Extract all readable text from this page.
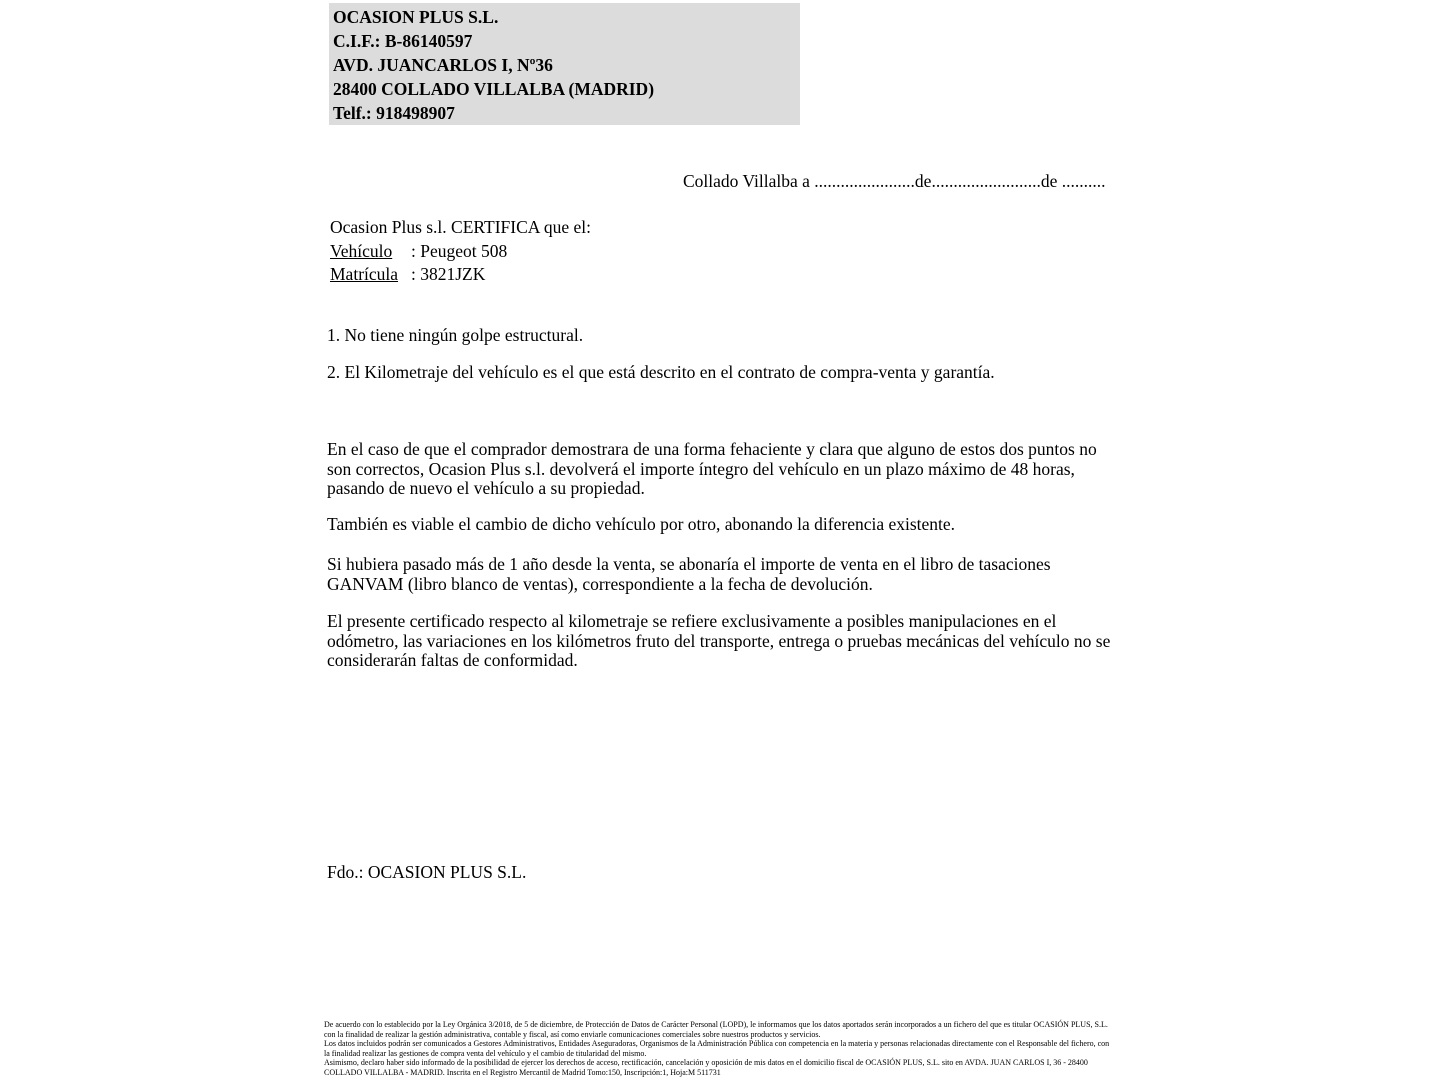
OCASION PLUS S.L.
C.I.F.: B-86140597
AVD. JUANCARLOS I, Nº36
28400 COLLADO VILLALBA (MADRID)
Telf.: 918498907
Collado Villalba a .......................de.........................de ..........
Ocasion Plus s.l. CERTIFICA que el:
Vehículo : Peugeot 508
Matrícula : 3821JZK
1. No tiene ningún golpe estructural.
2. El Kilometraje del vehículo es el que está descrito en el contrato de compra-venta y garantía.
En el caso de que el comprador demostrara de una forma fehaciente y clara que alguno de estos dos puntos no son correctos, Ocasion Plus s.l. devolverá el importe íntegro del vehículo en un plazo máximo de 48 horas, pasando de nuevo el vehículo a su propiedad.
También es viable el cambio de dicho vehículo por otro, abonando la diferencia existente.
Si hubiera pasado más de 1 año desde la venta, se abonaría el importe de venta en el libro de tasaciones GANVAM (libro blanco de ventas), correspondiente a la fecha de devolución.
El presente certificado respecto al kilometraje se refiere exclusivamente a posibles manipulaciones en el odómetro, las variaciones en los kilómetros fruto del transporte, entrega o pruebas mecánicas del vehículo no se considerarán faltas de conformidad.
Fdo.: OCASION PLUS S.L.
De acuerdo con lo establecido por la Ley Orgánica 3/2018, de 5 de diciembre, de Protección de Datos de Carácter Personal (LOPD), le informamos que los datos aportados serán incorporados a un fichero del que es titular OCASIÓN PLUS, S.L. con la finalidad de realizar la gestión administrativa, contable y fiscal, así como enviarle comunicaciones comerciales sobre nuestros productos y servicios.
Los datos incluidos podrán ser comunicados a Gestores Administrativos, Entidades Aseguradoras, Organismos de la Administración Pública con competencia en la materia y personas relacionadas directamente con el Responsable del fichero, con la finalidad realizar las gestiones de compra venta del vehículo y el cambio de titularidad del mismo.
Asimismo, declaro haber sido informado de la posibilidad de ejercer los derechos de acceso, rectificación, cancelación y oposición de mis datos en el domicilio fiscal de OCASIÓN PLUS, S.L. sito en AVDA. JUAN CARLOS I, 36 - 28400 COLLADO VILLALBA - MADRID. Inscrita en el Registro Mercantil de Madrid Tomo:150, Inscripción:1, Hoja:M 511731
